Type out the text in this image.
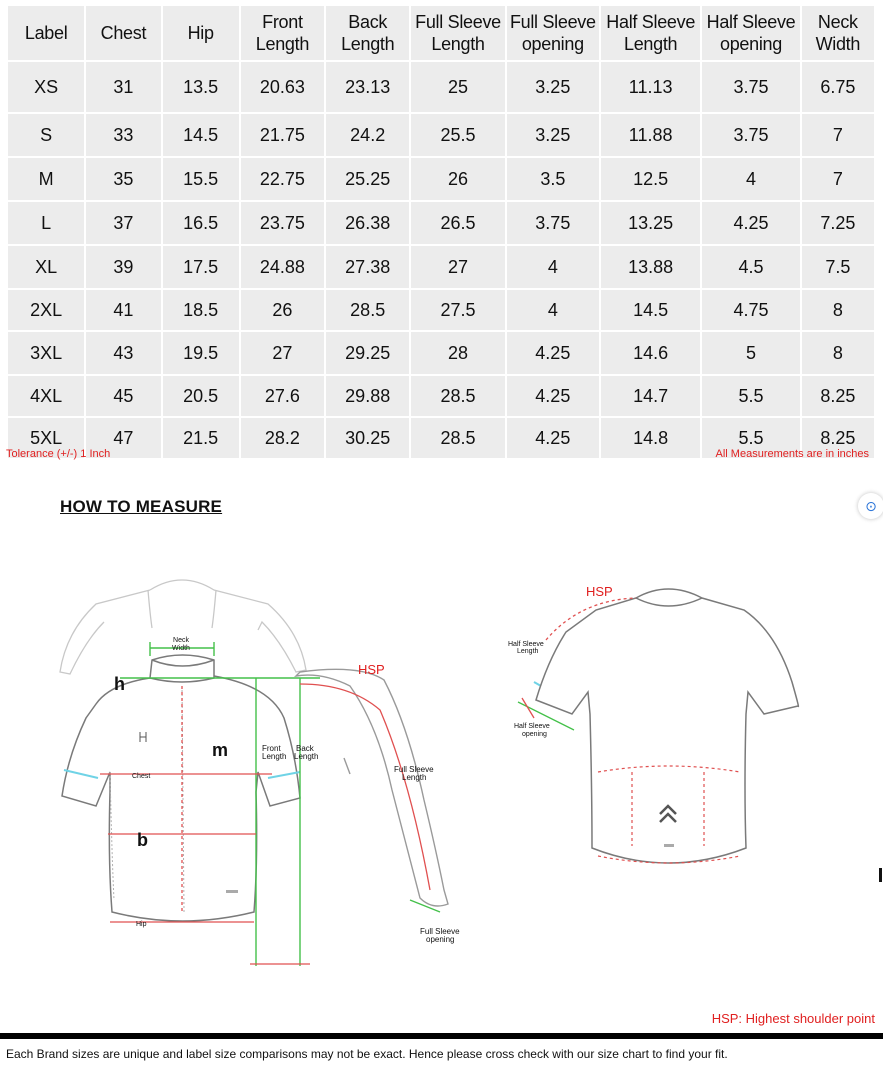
Label	Chest	Hip	Front Length	Back Length	Full Sleeve Length	Full Sleeve opening	Half Sleeve Length	Half Sleeve opening	Neck Width
XS	31	13.5	20.63	23.13	25	3.25	11.13	3.75	6.75
S	33	14.5	21.75	24.2	25.5	3.25	11.88	3.75	7
M	35	15.5	22.75	25.25	26	3.5	12.5	4	7
L	37	16.5	23.75	26.38	26.5	3.75	13.25	4.25	7.25
XL	39	17.5	24.88	27.38	27	4	13.88	4.5	7.5
2XL	41	18.5	26	28.5	27.5	4	14.5	4.75	8
3XL	43	19.5	27	29.25	28	4.25	14.6	5	8
4XL	45	20.5	27.6	29.88	28.5	4.25	14.7	5.5	8.25
5XL	47	21.5	28.2	30.25	28.5	4.25	14.8	5.5	8.25
Tolerance (+/-) 1 Inch	All Measurements are in inches
HOW TO MEASURE	⊙
Neck
Width
h
m
b
Chest
Hip
Front
Length
Back
Length
Full Sleeve
Length
Full Sleeve
opening
HSP
Half Sleeve
Length
Half Sleeve
opening
HSP
HSP: Highest shoulder point
Each Brand sizes are unique and label size comparisons may not be exact. Hence please cross check with our size chart to find your fit.
